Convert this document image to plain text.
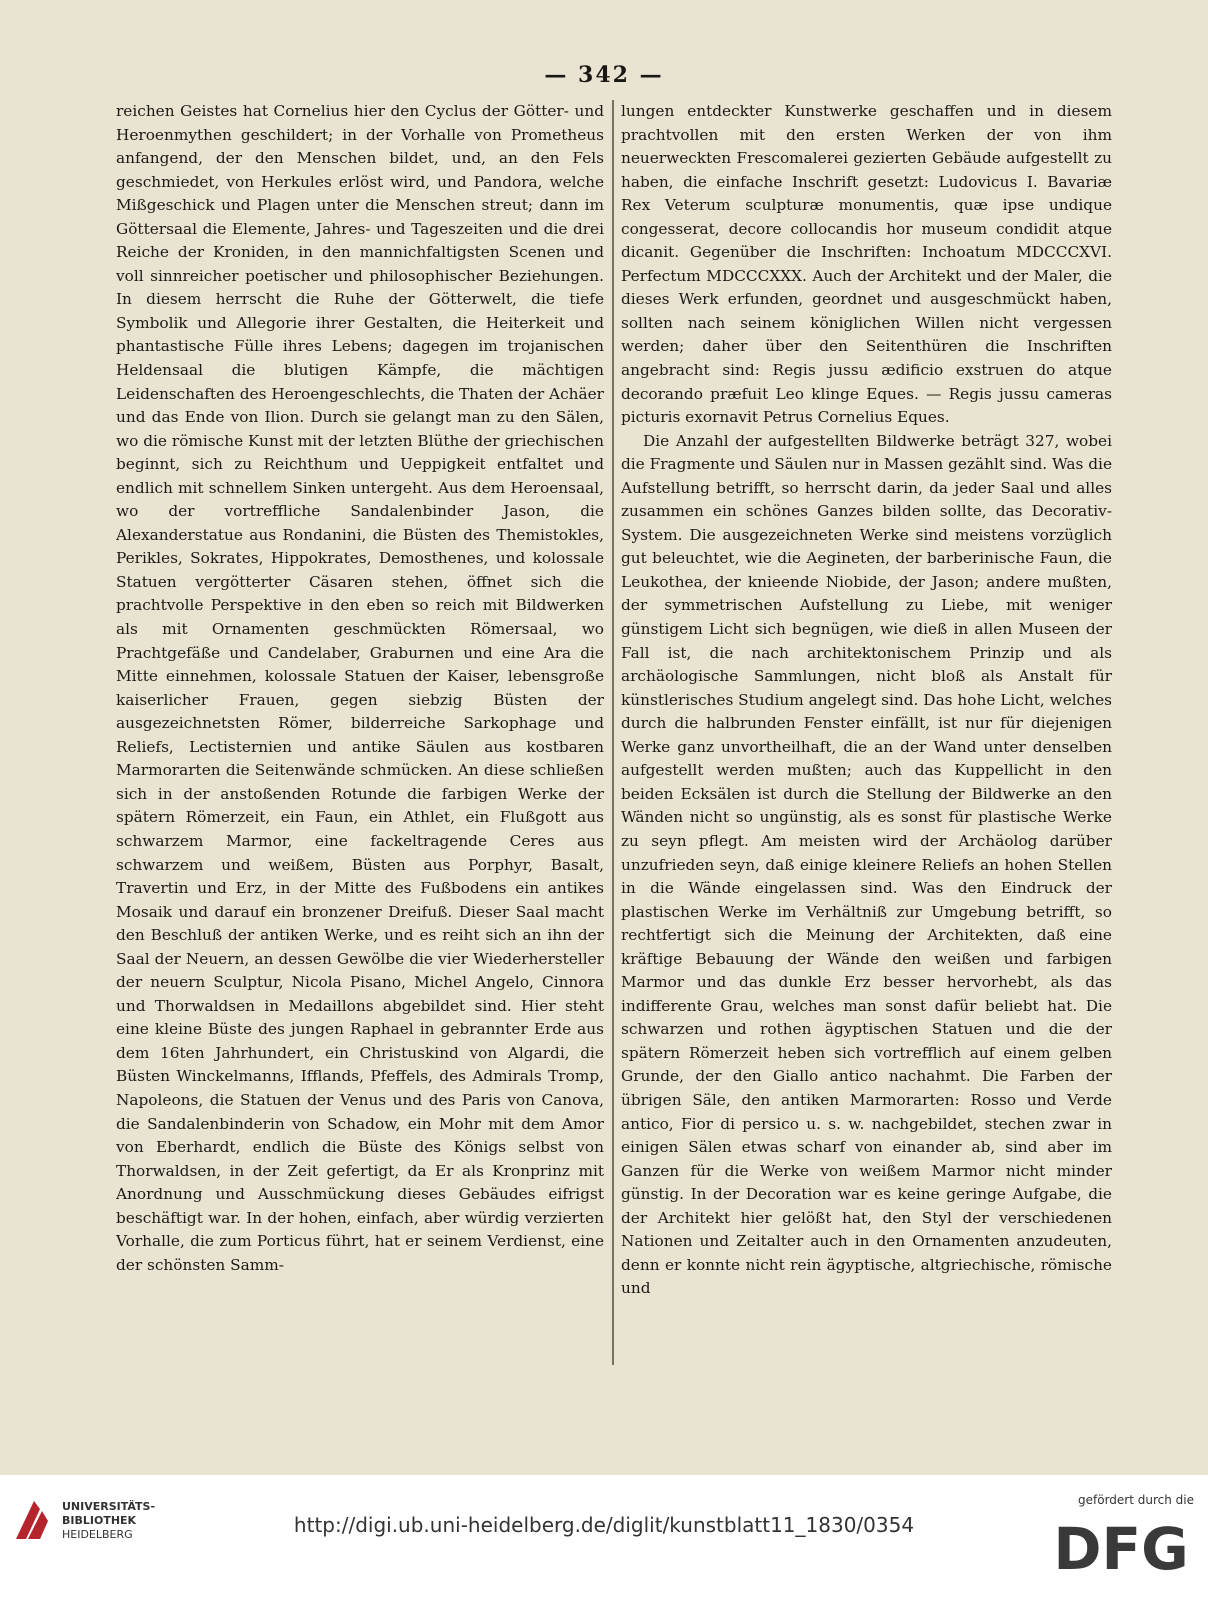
— 342 —

reichen Geistes hat Cornelius hier den Cyclus der Götter- und Heroenmythen geschildert; in der Vorhalle von Prometheus anfangend, der den Menschen bildet, und, an den Fels geschmiedet, von Herkules erlöst wird, und Pandora, welche Mißgeschick und Plagen unter die Menschen streut; dann im Göttersaal die Elemente, Jahres- und Tageszeiten und die drei Reiche der Kroniden, in den mannichfaltigsten Scenen und voll sinnreicher poetischer und philosophischer Beziehungen. In diesem herrscht die Ruhe der Götterwelt, die tiefe Symbolik und Allegorie ihrer Gestalten, die Heiterkeit und phantastische Fülle ihres Lebens; dagegen im trojanischen Heldensaal die blutigen Kämpfe, die mächtigen Leidenschaften des Heroengeschlechts, die Thaten der Achäer und das Ende von Ilion. Durch sie gelangt man zu den Sälen, wo die römische Kunst mit der letzten Blüthe der griechischen beginnt, sich zu Reichthum und Ueppigkeit entfaltet und endlich mit schnellem Sinken untergeht. Aus dem Heroensaal, wo der vortreffliche Sandalenbinder Jason, die Alexanderstatue aus Rondanini, die Büsten des Themistokles, Perikles, Sokrates, Hippokrates, Demosthenes, und kolossale Statuen vergötterter Cäsaren stehen, öffnet sich die prachtvolle Perspektive in den eben so reich mit Bildwerken als mit Ornamenten geschmückten Römersaal, wo Prachtgefäße und Candelaber, Graburnen und eine Ara die Mitte einnehmen, kolossale Statuen der Kaiser, lebensgroße kaiserlicher Frauen, gegen siebzig Büsten der ausgezeichnetsten Römer, bilderreiche Sarkophage und Reliefs, Lectisternien und antike Säulen aus kostbaren Marmorarten die Seitenwände schmücken. An diese schließen sich in der anstoßenden Rotunde die farbigen Werke der spätern Römerzeit, ein Faun, ein Athlet, ein Flußgott aus schwarzem Marmor, eine fackeltragende Ceres aus schwarzem und weißem, Büsten aus Porphyr, Basalt, Travertin und Erz, in der Mitte des Fußbodens ein antikes Mosaik und darauf ein bronzener Dreifuß. Dieser Saal macht den Beschluß der antiken Werke, und es reiht sich an ihn der Saal der Neuern, an dessen Gewölbe die vier Wiederhersteller der neuern Sculptur, Nicola Pisano, Michel Angelo, Cinnora und Thorwaldsen in Medaillons abgebildet sind. Hier steht eine kleine Büste des jungen Raphael in gebrannter Erde aus dem 16ten Jahrhundert, ein Christuskind von Algardi, die Büsten Winckelmanns, Ifflands, Pfeffels, des Admirals Tromp, Napoleons, die Statuen der Venus und des Paris von Canova, die Sandalenbinderin von Schadow, ein Mohr mit dem Amor von Eberhardt, endlich die Büste des Königs selbst von Thorwaldsen, in der Zeit gefertigt, da Er als Kronprinz mit Anordnung und Ausschmückung dieses Gebäudes eifrigst beschäftigt war. In der hohen, einfach, aber würdig verzierten Vorhalle, die zum Porticus führt, hat er seinem Verdienst, eine der schönsten Samm-

lungen entdeckter Kunstwerke geschaffen und in diesem prachtvollen mit den ersten Werken der von ihm neuerweckten Frescomalerei gezierten Gebäude aufgestellt zu haben, die einfache Inschrift gesetzt: Ludovicus I. Bavariæ Rex Veterum sculpturæ monumentis, quæ ipse undique congesserat, decore collocandis hor museum condidit atque dicanit. Gegenüber die Inschriften: Inchoatum MDCCCXVI. Perfectum MDCCCXXX. Auch der Architekt und der Maler, die dieses Werk erfunden, geordnet und ausgeschmückt haben, sollten nach seinem königlichen Willen nicht vergessen werden; daher über den Seitenthüren die Inschriften angebracht sind: Regis jussu ædificio exstruen do atque decorando præfuit Leo klinge Eques. — Regis jussu cameras picturis exornavit Petrus Cornelius Eques.

Die Anzahl der aufgestellten Bildwerke beträgt 327, wobei die Fragmente und Säulen nur in Massen gezählt sind. Was die Aufstellung betrifft, so herrscht darin, da jeder Saal und alles zusammen ein schönes Ganzes bilden sollte, das Decorativ-System. Die ausgezeichneten Werke sind meistens vorzüglich gut beleuchtet, wie die Aegineten, der barberinische Faun, die Leukothea, der knieende Niobide, der Jason; andere mußten, der symmetrischen Aufstellung zu Liebe, mit weniger günstigem Licht sich begnügen, wie dieß in allen Museen der Fall ist, die nach architektonischem Prinzip und als archäologische Sammlungen, nicht bloß als Anstalt für künstlerisches Studium angelegt sind. Das hohe Licht, welches durch die halbrunden Fenster einfällt, ist nur für diejenigen Werke ganz unvortheilhaft, die an der Wand unter denselben aufgestellt werden mußten; auch das Kuppellicht in den beiden Ecksälen ist durch die Stellung der Bildwerke an den Wänden nicht so ungünstig, als es sonst für plastische Werke zu seyn pflegt. Am meisten wird der Archäolog darüber unzufrieden seyn, daß einige kleinere Reliefs an hohen Stellen in die Wände eingelassen sind. Was den Eindruck der plastischen Werke im Verhältniß zur Umgebung betrifft, so rechtfertigt sich die Meinung der Architekten, daß eine kräftige Bebauung der Wände den weißen und farbigen Marmor und das dunkle Erz besser hervorhebt, als das indifferente Grau, welches man sonst dafür beliebt hat. Die schwarzen und rothen ägyptischen Statuen und die der spätern Römerzeit heben sich vortrefflich auf einem gelben Grunde, der den Giallo antico nachahmt. Die Farben der übrigen Säle, den antiken Marmorarten: Rosso und Verde antico, Fior di persico u. s. w. nachgebildet, stechen zwar in einigen Sälen etwas scharf von einander ab, sind aber im Ganzen für die Werke von weißem Marmor nicht minder günstig. In der Decoration war es keine geringe Aufgabe, die der Architekt hier gelößt hat, den Styl der verschiedenen Nationen und Zeitalter auch in den Ornamenten anzudeuten, denn er konnte nicht rein ägyptische, altgriechische, römische und

UNIVERSITÄTS-
BIBLIOTHEK
HEIDELBERG	http://digi.ub.uni-heidelberg.de/diglit/kunstblatt11_1830/0354
gefördert durch die
DFG
